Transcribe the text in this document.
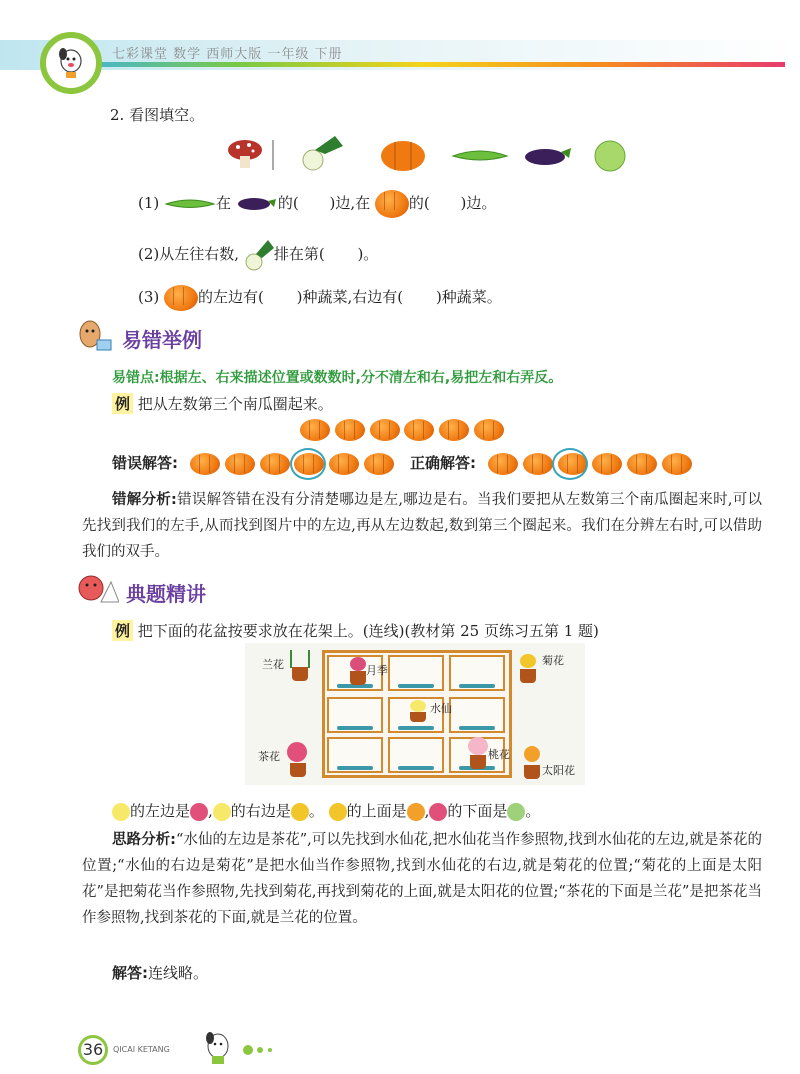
七彩课堂 数学 西师大版 一年级 下册
2. 看图填空。
(1)	在	的( )边,在	的( )边。
(2)从左往右数, 排在第( )。
(3)	的左边有( )种蔬菜,右边有( )种蔬菜。
易错举例
易错点:根据左、右来描述位置或数数时,分不清左和右,易把左和右弄反。
例 把从左数第三个南瓜圈起来。

错误解答:
	正确解答:

错解分析:错误解答错在没有分清楚哪边是左,哪边是右。当我们要把从左数第三个南瓜圈起来时,可以先找到我们的左手,从而找到图片中的左边,再从左边数起,数到第三个圈起来。我们在分辨左右时,可以借助我们的双手。
典题精讲
例 把下面的花盆按要求放在花架上。(连线)(教材第 25 页练习五第 1 题)
兰花	月季
菊花
水仙
茶花	桃花
太阳花
的左边是 , 的右边是 。 的上面是 , 的下面是 。
思路分析:“水仙的左边是茶花”,可以先找到水仙花,把水仙花当作参照物,找到水仙花的左边,就是茶花的位置;“水仙的右边是菊花”是把水仙当作参照物,找到水仙花的右边,就是菊花的位置;“菊花的上面是太阳花”是把菊花当作参照物,先找到菊花,再找到菊花的上面,就是太阳花的位置;“茶花的下面是兰花”是把茶花当作参照物,找到茶花的下面,就是兰花的位置。
解答:连线略。
36	QICAI KETANG
